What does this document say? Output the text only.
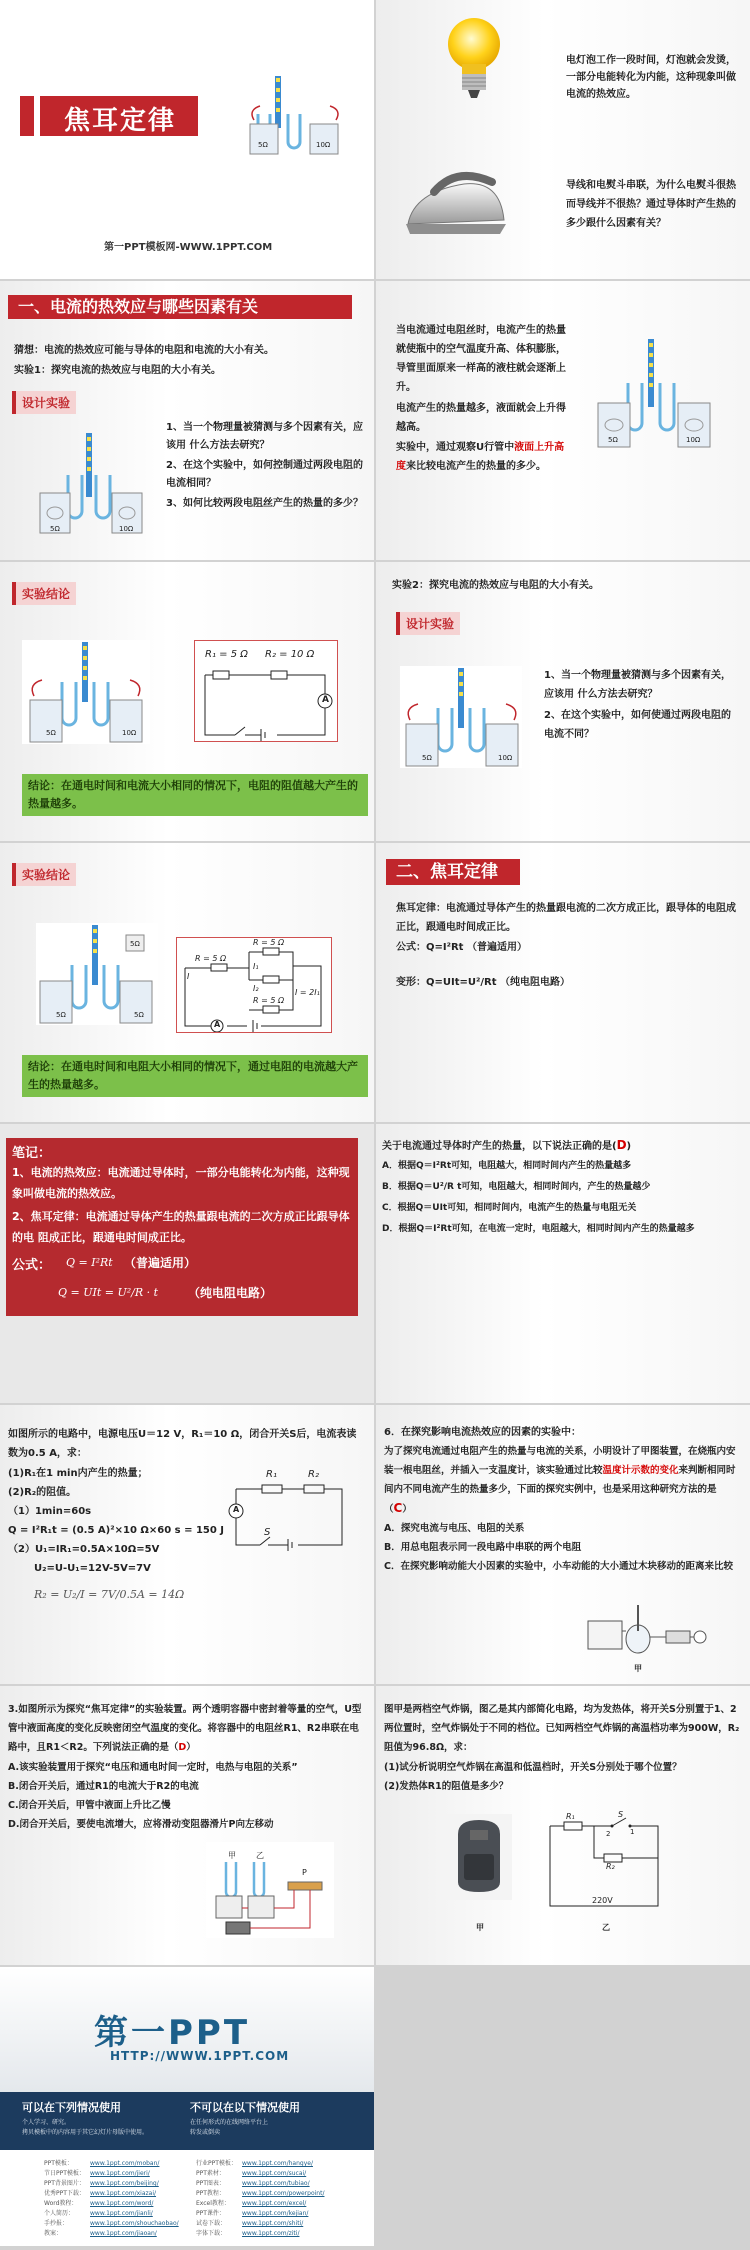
焦耳定律
5Ω	10Ω
第一PPT模板网-WWW.1PPT.COM
电灯泡工作一段时间，灯泡就会发烫，一部分电能转化为内能，这种现象叫做电流的热效应。
导线和电熨斗串联，为什么电熨斗很热而导线并不很热？通过导体时产生热的多少跟什么因素有关？
一、电流的热效应与哪些因素有关
猜想：电流的热效应可能与导体的电阻和电流的大小有关。
实验1：探究电流的热效应与电阻的大小有关。
设计实验
5Ω	10Ω
1、当一个物理量被猜测与多个因素有关，应该用 什么方法去研究？
2、在这个实验中，如何控制通过两段电阻的电流相同？
3、如何比较两段电阻丝产生的热量的多少？
当电流通过电阻丝时，电流产生的热量就使瓶中的空气温度升高、体积膨胀，导管里面原来一样高的液柱就会逐渐上升。
电流产生的热量越多，液面就会上升得越高。
实验中，通过观察U行管中液面上升高度来比较电流产生的热量的多少。
5Ω	10Ω
实验结论
5Ω	10Ω
R₁ = 5 Ω R₂ = 10 Ω
A
结论：在通电时间和电流大小相同的情况下，电阻的阻值越大产生的热量越多。
实验2：探究电流的热效应与电阻的大小有关。
设计实验
5Ω	10Ω
1、当一个物理量被猜测与多个因素有关，应该用 什么方法去研究？
2、在这个实验中，如何使通过两段电阻的电流不同？
实验结论
5Ω	5Ω
5Ω	R = 5 Ω
R = 5 Ω
R = 5 Ω
I
I₁
I₂	I = 2I₁
A
结论：在通电时间和电阻大小相同的情况下，通过电阻的电流越大产生的热量越多。
二、焦耳定律
焦耳定律：电流通过导体产生的热量跟电流的二次方成正比，跟导体的电阻成正比，跟通电时间成正比。
公式：Q=I²Rt （普遍适用）
变形：Q=UIt=U²/Rt （纯电阻电路）
笔记：
1、电流的热效应：电流通过导体时，一部分电能转化为内能，这种现象叫做电流的热效应。
2、焦耳定律：电流通过导体产生的热量跟电流的二次方成正比跟导体的电 阻成正比，跟通电时间成正比。
公式： Q = I²Rt （普遍适用）
Q = UIt = U²/R · t （纯电阻电路）
关于电流通过导体时产生的热量，以下说法正确的是(D)
A．根据Q＝I²Rt可知，电阻越大，相同时间内产生的热量越多
B．根据Q＝U²/R t可知，电阻越大，相同时间内，产生的热量越少
C．根据Q＝UIt可知，相同时间内，电流产生的热量与电阻无关
D．根据Q＝I²Rt可知，在电流一定时，电阻越大，相同时间内产生的热量越多
如图所示的电路中，电源电压U＝12 V，R₁＝10 Ω，闭合开关S后，电流表读数为0.5 A，求：
(1)R₁在1 min内产生的热量；
(2)R₂的阻值。
（1）1min=60s
Q = I²R₁t = (0.5 A)²×10 Ω×60 s = 150 J
（2）U₁=IR₁=0.5A×10Ω=5V
U₂=U-U₁=12V-5V=7V
R₂ = U₂/I = 7V/0.5A = 14Ω
R₁	R₂
S
A
6．在探究影响电流热效应的因素的实验中：
为了探究电流通过电阻产生的热量与电流的关系，小明设计了甲图装置，在烧瓶内安装一根电阻丝，并插入一支温度计，该实验通过比较温度计示数的变化来判断相同时间内不同电流产生的热量多少，下面的探究实例中，也是采用这种研究方法的是（C）
A．探究电流与电压、电阻的关系
B．用总电阻表示同一段电路中串联的两个电阻
C．在探究影响动能大小因素的实验中，小车动能的大小通过木块移动的距离来比较
甲
3.如图所示为探究“焦耳定律”的实验装置。两个透明容器中密封着等量的空气，U型管中液面高度的变化反映密闭空气温度的变化。将容器中的电阻丝R1、R2串联在电路中，且R1＜R2。下列说法正确的是（D）
A.该实验装置用于探究“电压和通电时间一定时，电热与电阻的关系”
B.闭合开关后，通过R1的电流大于R2的电流
C.闭合开关后，甲管中液面上升比乙慢
D.闭合开关后，要使电流增大，应将滑动变阻器滑片P向左移动
甲	乙
P
图甲是两档空气炸锅，图乙是其内部简化电路，均为发热体，将开关S分别置于1、2两位置时，空气炸锅处于不同的档位。已知两档空气炸锅的高温档功率为900W，R₂阻值为96.8Ω，求：
(1)试分析说明空气炸锅在高温和低温档时，开关S分别处于哪个位置？
(2)发热体R1的阻值是多少？
甲
R₁
R₂
S
1
2
220V
乙
第一PPT
HTTP://WWW.1PPT.COM
可以在下列情况使用
个人学习、研究。
拷贝模板中的内容用于其它幻灯片母版中使用。
不可以在以下情况使用
在任何形式的在线网络平台上
转发或倒卖
PPT模板：	www.1ppt.com/moban/
节日PPT模板： www.1ppt.com/jieri/
PPT背景图片： www.1ppt.com/beijing/
优秀PPT下载： www.1ppt.com/xiazai/
Word教程： www.1ppt.com/word/
个人简历：	www.1ppt.com/jianli/
手抄报：	www.1ppt.com/shouchaobao/
教案：	www.1ppt.com/jiaoan/
行业PPT模板： www.1ppt.com/hangye/
PPT素材：	www.1ppt.com/sucai/
PPT图表：	www.1ppt.com/tubiao/
PPT教程：	www.1ppt.com/powerpoint/
Excel教程： www.1ppt.com/excel/
PPT课件：	www.1ppt.com/kejian/
试卷下载：	www.1ppt.com/shiti/
字体下载：	www.1ppt.com/ziti/
